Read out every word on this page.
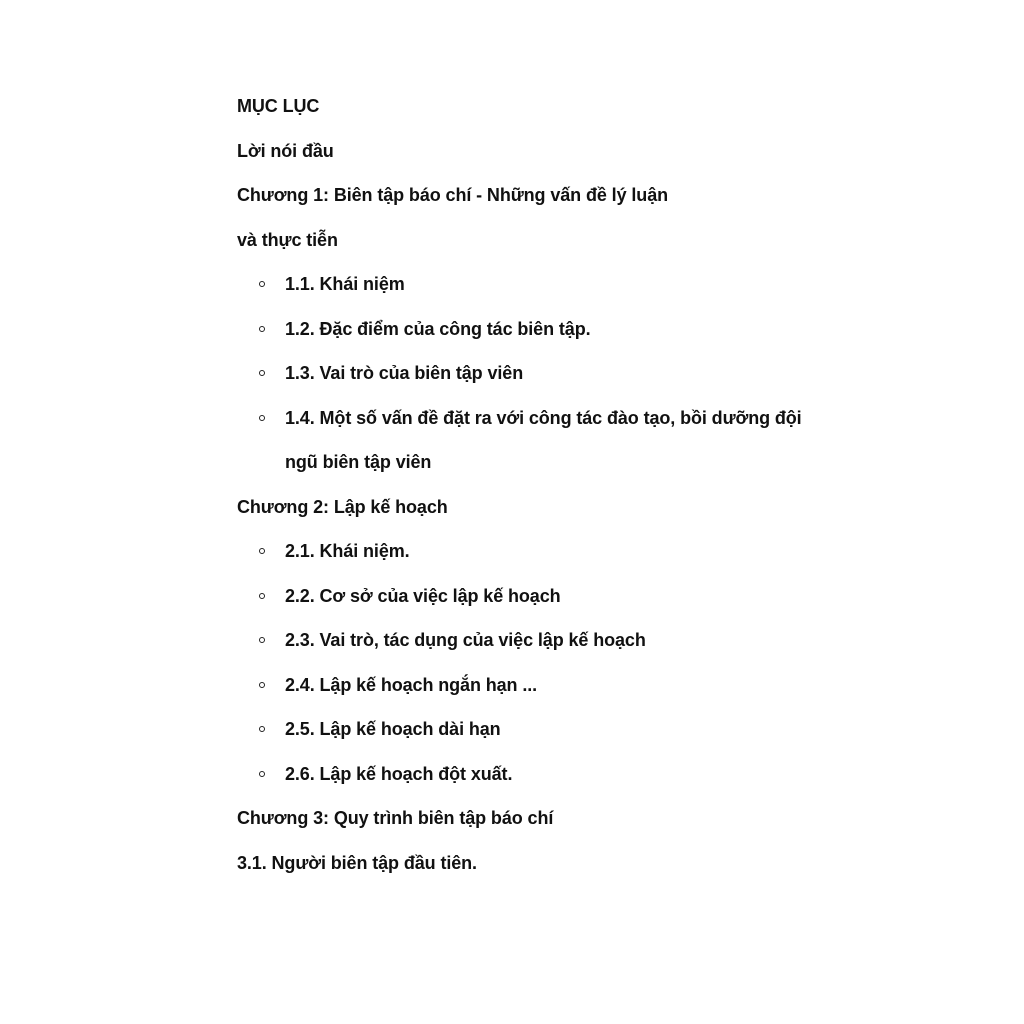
MỤC LỤC
Lời nói đầu
Chương 1: Biên tập báo chí - Những vấn đề lý luận
và thực tiễn
1.1. Khái niệm
1.2. Đặc điểm của công tác biên tập.
1.3. Vai trò của biên tập viên
1.4. Một số vấn đề đặt ra với công tác đào tạo, bồi dưỡng đội
ngũ biên tập viên
Chương 2: Lập kế hoạch
2.1. Khái niệm.
2.2. Cơ sở của việc lập kế hoạch
2.3. Vai trò, tác dụng của việc lập kế hoạch
2.4. Lập kế hoạch ngắn hạn ...
2.5. Lập kế hoạch dài hạn
2.6. Lập kế hoạch đột xuất.
Chương 3: Quy trình biên tập báo chí
3.1. Người biên tập đầu tiên.
